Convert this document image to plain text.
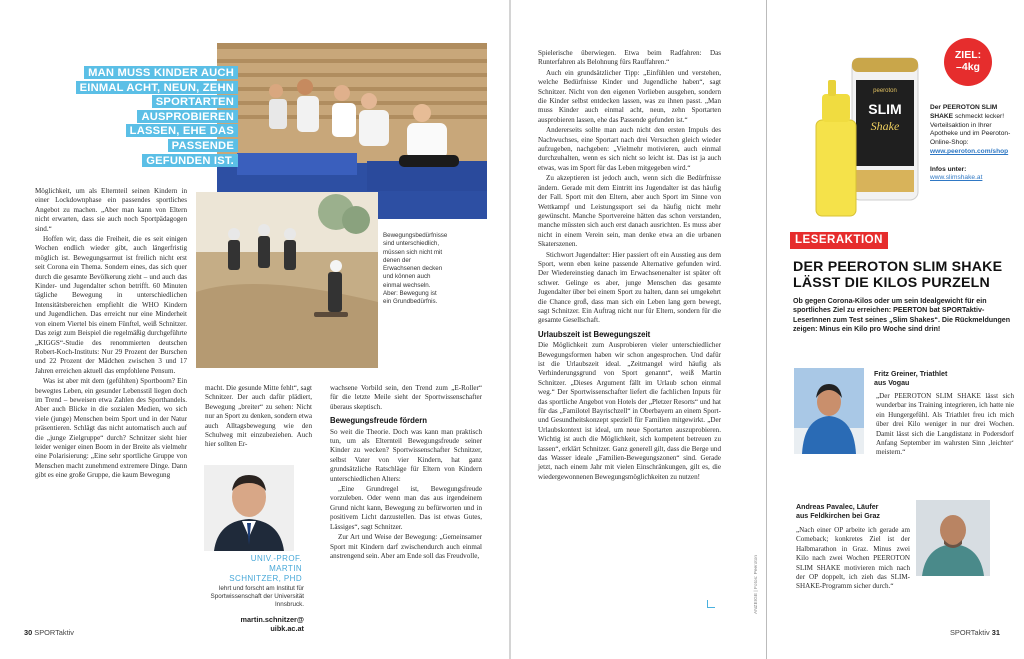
MAN MUSS KINDER AUCH
EINMAL ACHT, NEUN, ZEHN
SPORTARTEN AUSPROBIEREN
LASSEN, EHE DAS PASSENDE
GEFUNDEN IST.
Bewegungsbedürfnisse sind unterschiedlich, müssen sich nicht mit denen der Erwachsenen decken und können auch einmal wechseln. Aber: Bewegung ist ein Grundbedürfnis.

Möglichkeit, um als Elternteil seinen Kindern in einer Lockdownphase ein passendes sportliches Angebot zu machen. „Aber man kann von Eltern nicht erwarten, dass sie auch noch Sportpädagogen sind.“

Hoffen wir, dass die Freiheit, die es seit einigen Wochen endlich wieder gibt, auch längerfristig möglich ist. Bewegungsarmut ist freilich nicht erst seit Corona ein Thema. Sondern eines, das sich quer durch die gesamte Bevölkerung zieht – und auch das Kinder- und Jugendalter schon betrifft. 60 Minuten tägliche Bewegung in unterschiedlichen Intensitätsbereichen empfiehlt die WHO Kindern und Jugendlichen. Das erreicht nur eine Minderheit von einem Viertel bis einem Fünftel, weiß Schnitzer. Das zeigt zum Beispiel die regelmäßig durchgeführte „KIGGS“-Studie des renommierten deutschen Robert-Koch-Instituts: Nur 29 Prozent der Burschen und 22 Prozent der Mädchen zwischen 3 und 17 Jahren erreichen aktuell das empfohlene Pensum.

Was ist aber mit dem (gefühlten) Sportboom? Ein bewegtes Leben, ein gesunder Lebensstil liegen doch im Trend – beweisen etwa Zahlen des Sporthandels. Aber auch Blicke in die sozialen Medien, wo sich viele (junge) Menschen beim Sport und in der Natur präsentieren. Schlägt das nicht automatisch auch auf die „junge Zielgruppe“ durch? Schnitzer sieht hier leider weniger einen Boom in der Breite als vielmehr eine Polarisierung: „Eine sehr sportliche Gruppe von Menschen macht zunehmend extremere Dinge. Dann gibt es eine große Gruppe, die kaum Bewegung

macht. Die gesunde Mitte fehlt“, sagt Schnitzer. Der auch dafür plädiert, Bewegung „breiter“ zu sehen: Nicht nur an Sport zu denken, sondern etwa auch Alltagsbewegung wie den Schulweg mit einzubeziehen. Auch hier sollten Er-

wachsene Vorbild sein, den Trend zum „E-Roller“ für die letzte Meile sieht der Sportwissenschafter überaus skeptisch.

Bewegungsfreude fördern

So weit die Theorie. Doch was kann man praktisch tun, um als Elternteil Bewegungsfreude seiner Kinder zu wecken? Sportwissenschafter Schnitzer, selbst Vater von vier Kindern, hat ganz grundsätzliche Ratschläge für Eltern von Kindern unterschiedlichen Alters:

„Eine Grundregel ist, Bewegungsfreude vorzuleben. Oder wenn man das aus irgendeinem Grund nicht kann, Bewegung zu befürworten und in positivem Licht darzustellen. Das ist etwas Gutes, Lässiges“, sagt Schnitzer.

Zur Art und Weise der Bewegung: „Gemeinsamer Sport mit Kindern darf zwischendurch auch einmal anstrengend sein. Aber am Ende soll das Freudvolle,

UNIV.-PROF.
MARTIN
SCHNITZER, PHD
lehrt und forscht am Institut für Sportwissenschaft der Universität Innsbruck.
martin.schnitzer@
uibk.ac.at
30 SPORTaktiv

Spielerische überwiegen. Etwa beim Radfahren: Das Runterfahren als Belohnung fürs Rauffahren.“

Auch ein grundsätzlicher Tipp: „Einfühlen und verstehen, welche Bedürfnisse Kinder und Jugendliche haben“, sagt Schnitzer. Nicht von den eigenen Vorlieben ausgehen, sondern die Kinder selbst entdecken lassen, was zu ihnen passt. „Man muss Kinder auch einmal acht, neun, zehn Sportarten ausprobieren lassen, ehe das Passende gefunden ist.“

Andererseits sollte man auch nicht den ersten Impuls des Nachwuchses, eine Sportart nach drei Versuchen gleich wieder aufzugeben, nachgeben: „Vielmehr motivieren, auch einmal durchzuhalten, wenn es sich nicht so leicht ist. Das ist ja auch etwas, was im Sport für das Leben mitgegeben wird.“

Zu akzeptieren ist jedoch auch, wenn sich die Bedürfnisse ändern. Gerade mit dem Eintritt ins Jugendalter ist das häufig der Fall. Sport mit den Eltern, aber auch Sport im Sinne von Wettkampf und Leistungssport sei da häufig nicht mehr gewünscht. Manche Sportvereine hätten das schon verstanden, manche müssten sich auch erst danach ausrichten. Es muss aber nicht in einem Verein sein, man denke etwa an die urbanen Skaterszenen.

Stichwort Jugendalter: Hier passiert oft ein Ausstieg aus dem Sport, wenn eben keine passende Alternative gefunden wird. Der Wiedereinstieg danach im Erwachsenenalter ist später oft schwer. Gelinge es aber, junge Menschen das gesamte Jugendalter über bei einem Sport zu halten, dann sei umgekehrt die Chance groß, dass man sich ein Leben lang gern bewegt, sagt Schnitzer. Ein Auftrag nicht nur für Eltern, sondern für die gesamte Gesellschaft.

Urlaubszeit ist Bewegungszeit

Die Möglichkeit zum Ausprobieren vieler unterschiedlicher Bewegungsformen haben wir schon angesprochen. Und dafür ist die Urlaubszeit ideal. „Zeitmangel wird häufig als Verhinderungsgrund von Sport genannt“, weiß Martin Schnitzer. „Dieses Argument fällt im Urlaub schon einmal weg.“ Der Sportwissenschafter liefert die fachlichen Inputs für das sportliche Angebot von Hotels der „Pletzer Resorts“ und hat für das „Familotel Bayrischzell“ in Oberbayern an einem Sport- und Gesundheitskonzept speziell für Familien mitgewirkt. „Der Urlaubskontext ist ideal, um neue Sportarten auszuprobieren. Wichtig ist auch die Möglichkeit, sich kompetent betreuen zu lassen“, erklärt Schnitzer. Ganz generell gilt, dass die Berge und das Wasser ideale „Familien-Bewegungszonen“ sind. Gerade jetzt, nach einem Jahr mit vielen Einschränkungen, gilt es, die wiedergewonnenen Bewegungsmöglichkeiten zu nutzen!

peeroton
SLIM
Shake
ZIEL:
–4kg
Der PEEROTON SLIM SHAKE schmeckt lecker! Verteilsaktion in Ihrer Apotheke und im Peeroton-Online-Shop:
www.peeroton.com/shop

Infos unter:
www.slimshake.at
LESERAKTION
DER PEEROTON SLIM SHAKE
LÄSST DIE KILOS PURZELN
Ob gegen Corona-Kilos oder um sein Idealgewicht für ein sportliches Ziel zu erreichen: PEERTON bat SPORTaktiv-LeserInnen zum Test seines „Slim Shakes“. Die Rückmeldungen zeigen: Minus ein Kilo pro Woche sind drin!
Fritz Greiner, Triathlet
aus Vogau
„Der PEEROTON SLIM SHAKE lässt sich wunderbar ins Training integrieren, ich hatte nie ein Hungergefühl. Als Triathlet freu ich mich über drei Kilo weniger in nur drei Wochen. Damit lässt sich die Langdistanz in Podersdorf Anfang September im wahrsten Sinn ‚leichter‘ meistern.“
Andreas Pavalec, Läufer
aus Feldkirchen bei Graz
„Nach einer OP arbeite ich gerade am Comeback; konkretes Ziel ist der Halbmarathon in Graz. Minus zwei Kilo nach zwei Wochen PEEROTON SLIM SHAKE motivieren mich nach der OP doppelt, ich zieh das SLIM-SHAKE-Programm sicher durch.“
ANZEIGE | Fotos: Peeroton
SPORTaktiv 31
